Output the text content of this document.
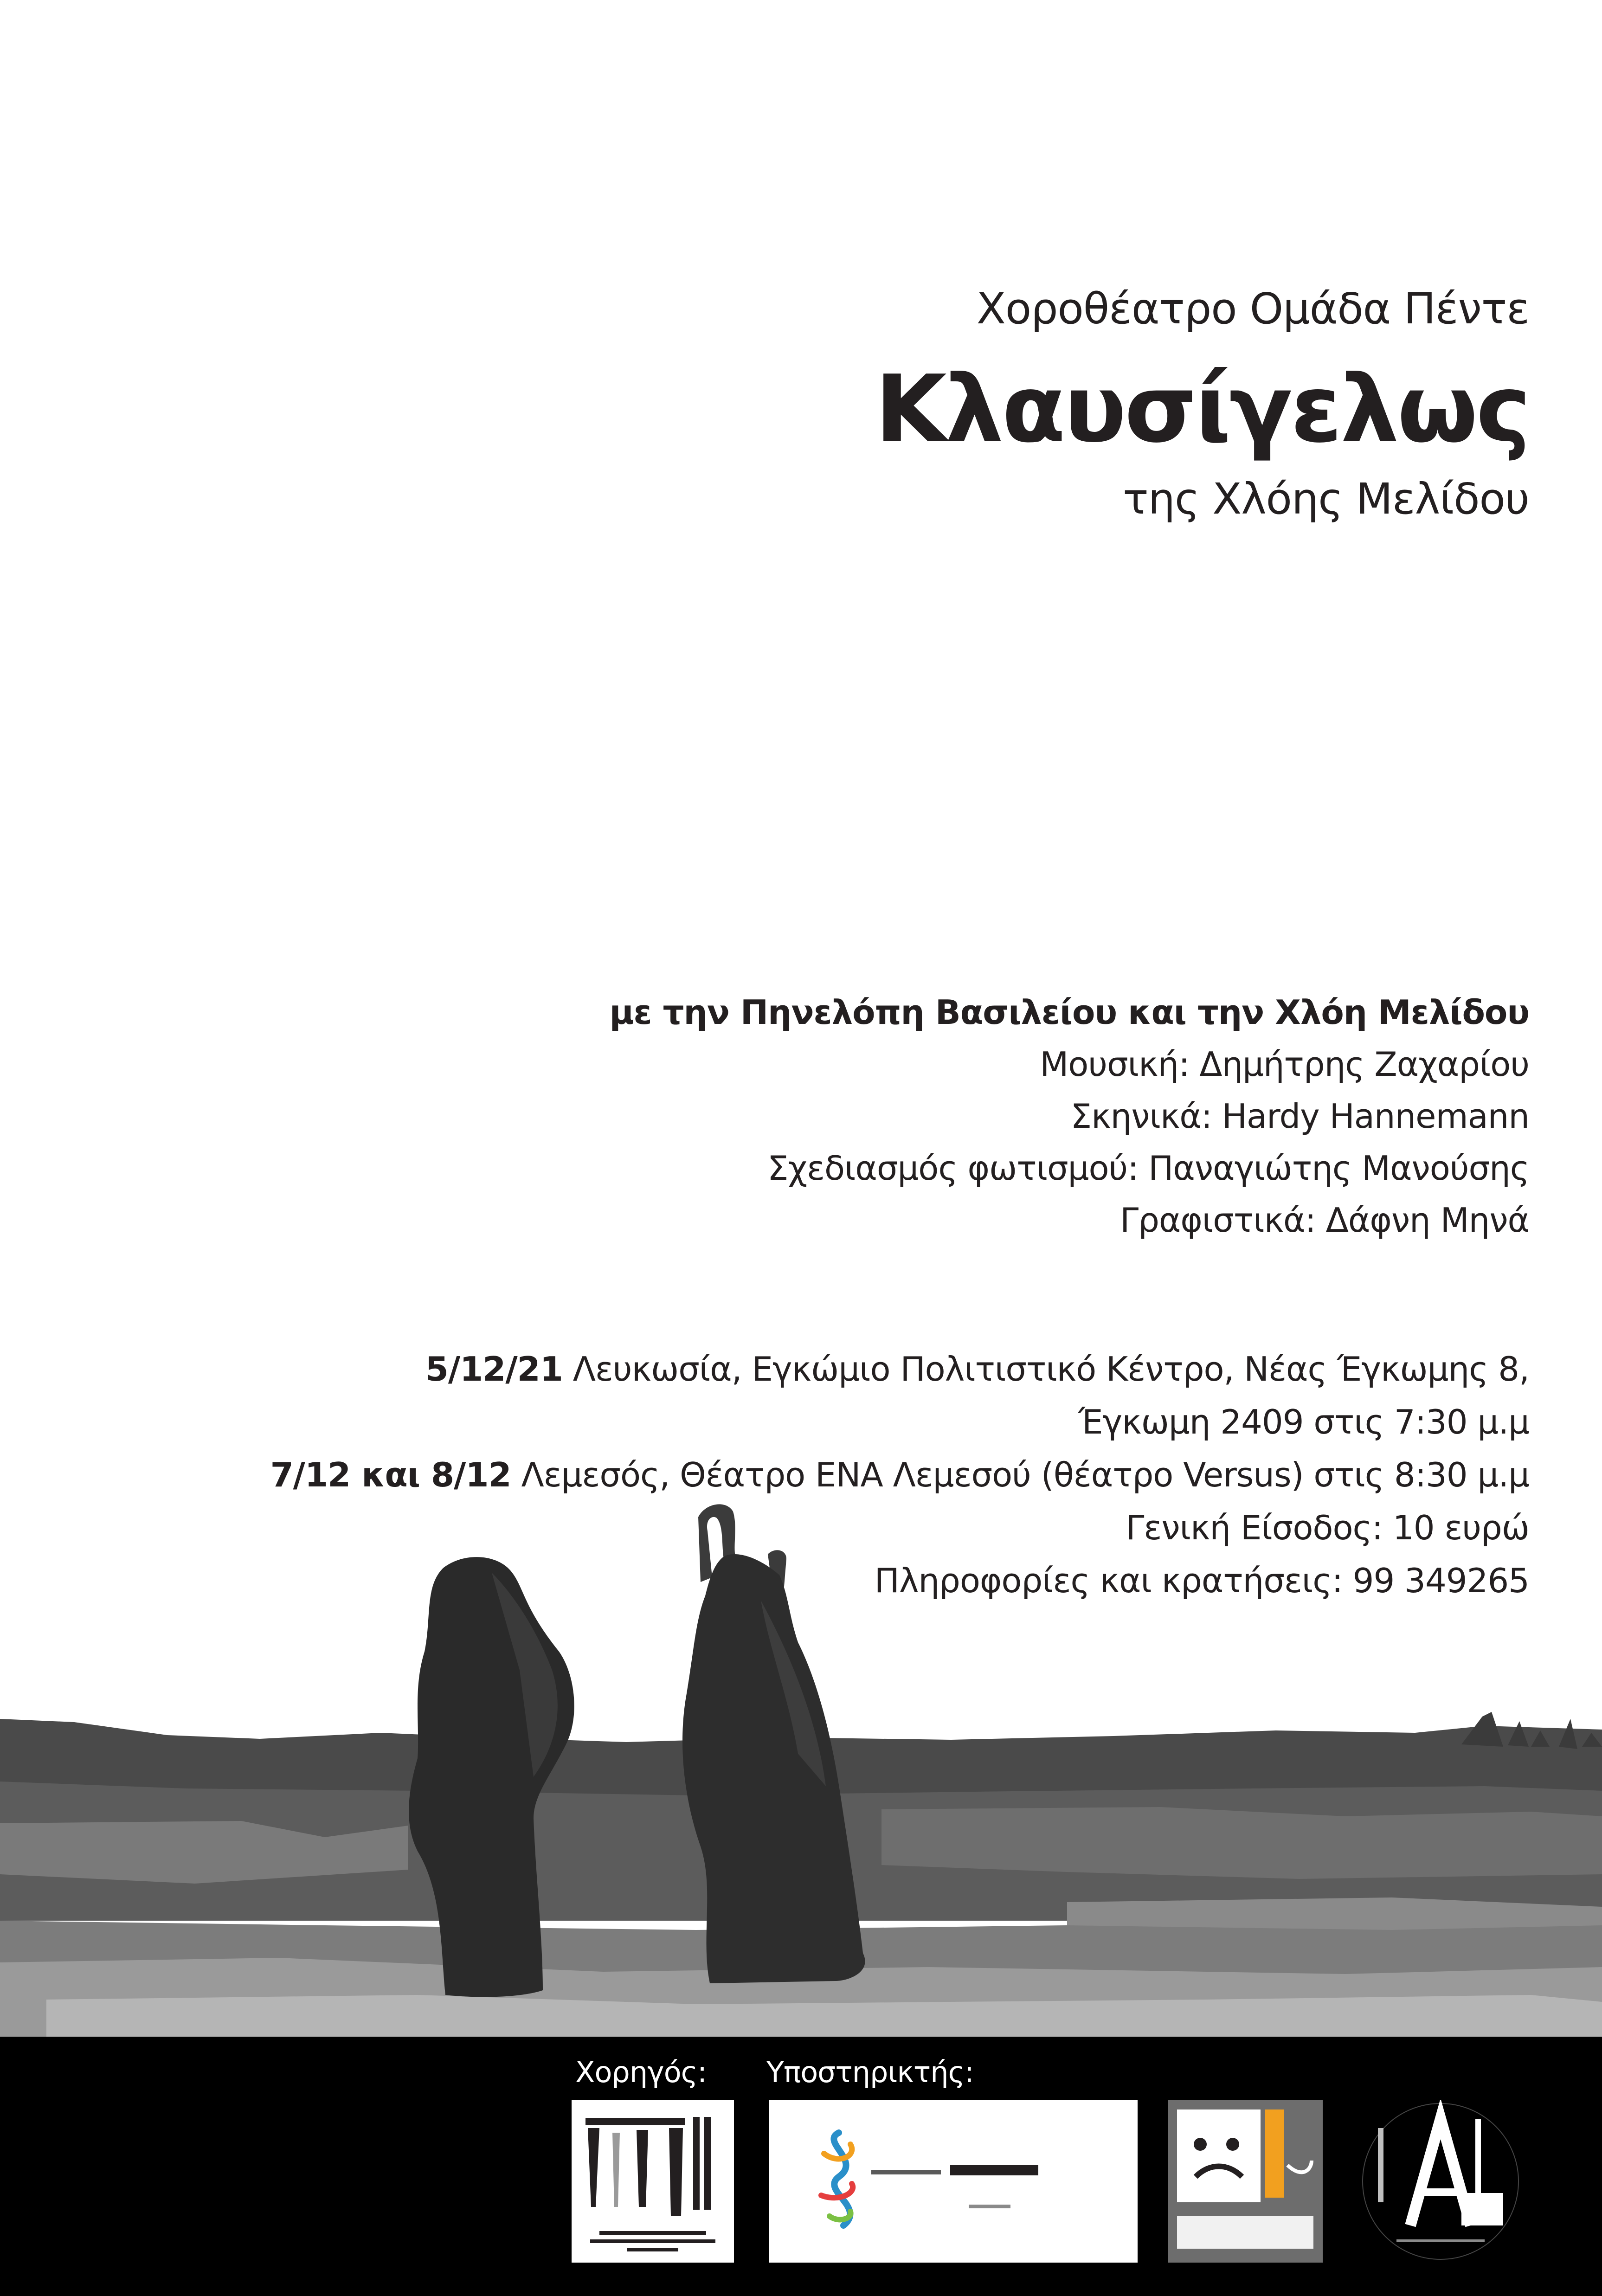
Χοροθέατρο Ομάδα Πέντε
Κλαυσίγελως
της Χλόης Μελίδου
με την Πηνελόπη Βασιλείου και την Χλόη Μελίδου
Μουσική: Δημήτρης Ζαχαρίου
Σκηνικά: Hardy Hannemann
Σχεδιασμός φωτισμού: Παναγιώτης Μανούσης
Γραφιστικά: Δάφνη Μηνά
5/12/21 Λευκωσία, Εγκώμιο Πολιτιστικό Κέντρο, Νέας Έγκωμης 8,
Έγκωμη 2409 στις 7:30 μ.μ
7/12 και 8/12 Λεμεσός, Θέατρο ΕΝΑ Λεμεσού (θέατρο Versus) στις 8:30 μ.μ
Γενική Είσοδος: 10 ευρώ
Πληροφορίες και κρατήσεις: 99 349265
Χορηγός: Υποστηρικτής:
